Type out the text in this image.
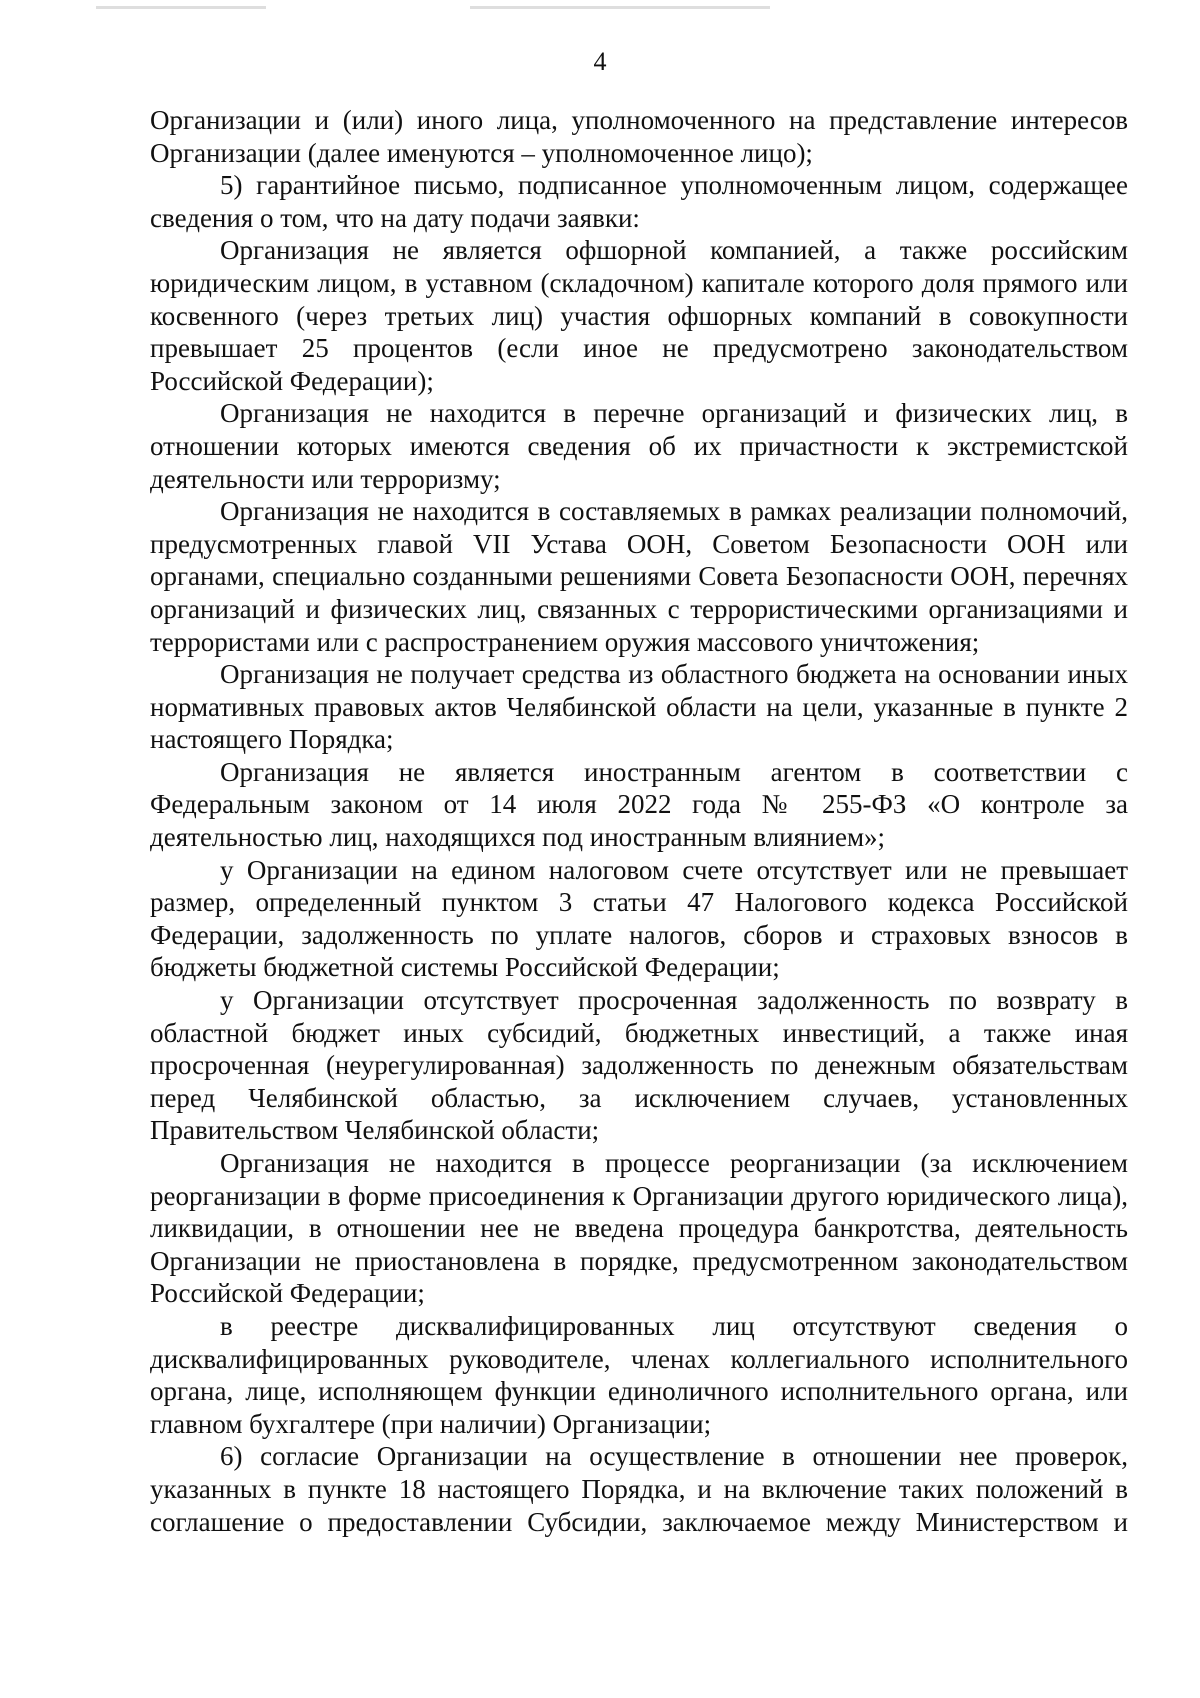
4

Организации и (или) иного лица, уполномоченного на представление интересов Организации (далее именуются – уполномоченное лицо);

5) гарантийное письмо, подписанное уполномоченным лицом, содержащее сведения о том, что на дату подачи заявки:

Организация не является офшорной компанией, а также российским юридическим лицом, в уставном (складочном) капитале которого доля прямого или косвенного (через третьих лиц) участия офшорных компаний в совокупности превышает 25 процентов (если иное не предусмотрено законодательством Российской Федерации);

Организация не находится в перечне организаций и физических лиц, в отношении которых имеются сведения об их причастности к экстремистской деятельности или терроризму;

Организация не находится в составляемых в рамках реализации полномочий, предусмотренных главой VII Устава ООН, Советом Безопасности ООН или органами, специально созданными решениями Совета Безопасности ООН, перечнях организаций и физических лиц, связанных с террористическими организациями и террористами или с распространением оружия массового уничтожения;

Организация не получает средства из областного бюджета на основании иных нормативных правовых актов Челябинской области на цели, указанные в пункте 2 настоящего Порядка;

Организация не является иностранным агентом в соответствии с Федеральным законом от 14 июля 2022 года № 255-ФЗ «О контроле за деятельностью лиц, находящихся под иностранным влиянием»;

у Организации на едином налоговом счете отсутствует или не превышает размер, определенный пунктом 3 статьи 47 Налогового кодекса Российской Федерации, задолженность по уплате налогов, сборов и страховых взносов в бюджеты бюджетной системы Российской Федерации;

у Организации отсутствует просроченная задолженность по возврату в областной бюджет иных субсидий, бюджетных инвестиций, а также иная просроченная (неурегулированная) задолженность по денежным обязательствам перед Челябинской областью, за исключением случаев, установленных Правительством Челябинской области;

Организация не находится в процессе реорганизации (за исключением реорганизации в форме присоединения к Организации другого юридического лица), ликвидации, в отношении нее не введена процедура банкротства, деятельность Организации не приостановлена в порядке, предусмотренном законодательством Российской Федерации;

в реестре дисквалифицированных лиц отсутствуют сведения о дисквалифицированных руководителе, членах коллегиального исполнительного органа, лице, исполняющем функции единоличного исполнительного органа, или главном бухгалтере (при наличии) Организации;

6) согласие Организации на осуществление в отношении нее проверок, указанных в пункте 18 настоящего Порядка, и на включение таких положений в соглашение о предоставлении Субсидии, заключаемое между Министерством и
